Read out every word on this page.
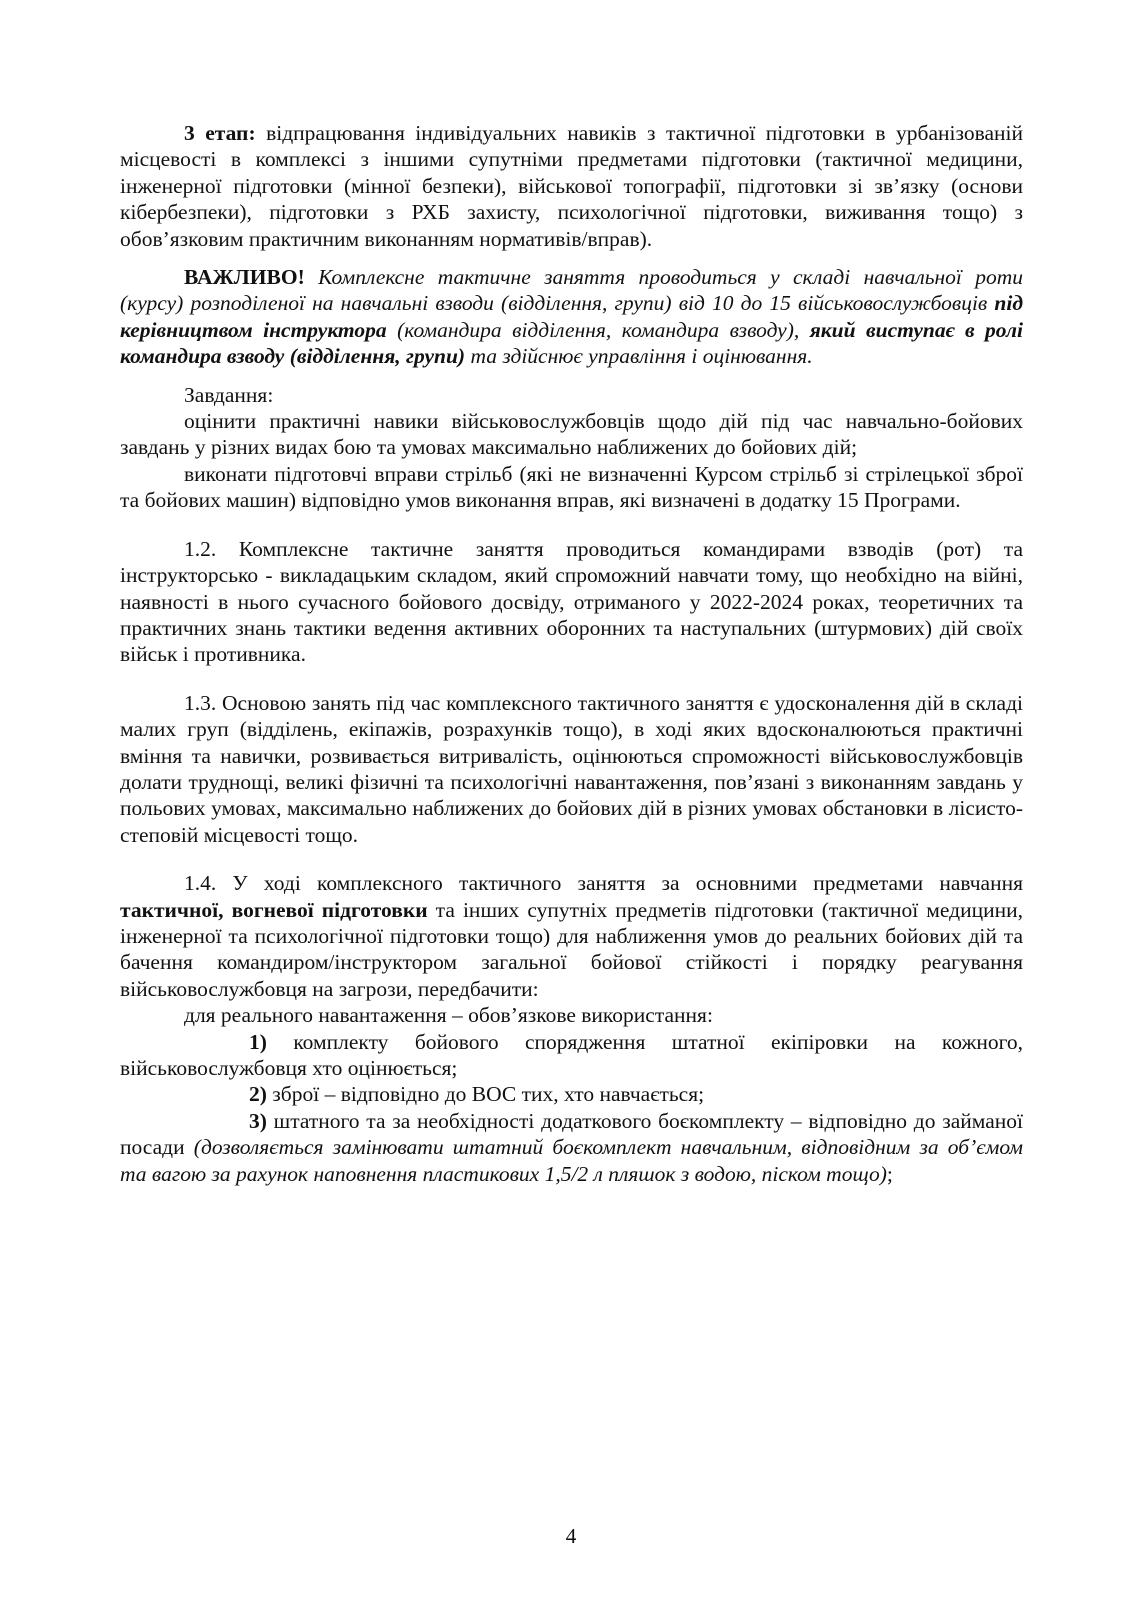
3 етап: відпрацювання індивідуальних навиків з тактичної підготовки в урбанізованій місцевості в комплексі з іншими супутніми предметами підготовки (тактичної медицини, інженерної підготовки (мінної безпеки), військової топографії, підготовки зі зв’язку (основи кібербезпеки), підготовки з РХБ захисту, психологічної підготовки, виживання тощо) з обов’язковим практичним виконанням нормативів/вправ).

ВАЖЛИВО! Комплексне тактичне заняття проводиться у складі навчальної роти (курсу) розподіленої на навчальні взводи (відділення, групи) від 10 до 15 військовослужбовців під керівництвом інструктора (командира відділення, командира взводу), який виступає в ролі командира взводу (відділення, групи) та здійснює управління і оцінювання.

Завдання:

оцінити практичні навики військовослужбовців щодо дій під час навчально-бойових завдань у різних видах бою та умовах максимально наближених до бойових дій;

виконати підготовчі вправи стрільб (які не визначенні Курсом стрільб зі стрілецької зброї та бойових машин) відповідно умов виконання вправ, які визначені в додатку 15 Програми.

1.2. Комплексне тактичне заняття проводиться командирами взводів (рот) та інструкторсько - викладацьким складом, який спроможний навчати тому, що необхідно на війні, наявності в нього сучасного бойового досвіду, отриманого у 2022-2024 роках, теоретичних та практичних знань тактики ведення активних оборонних та наступальних (штурмових) дій своїх військ і противника.

1.3. Основою занять під час комплексного тактичного заняття є удосконалення дій в складі малих груп (відділень, екіпажів, розрахунків тощо), в ході яких вдосконалюються практичні вміння та навички, розвивається витривалість, оцінюються спроможності військовослужбовців долати труднощі, великі фізичні та психологічні навантаження, пов’язані з виконанням завдань у польових умовах, максимально наближених до бойових дій в різних умовах обстановки в лісисто-степовій місцевості тощо.

1.4. У ході комплексного тактичного заняття за основними предметами навчання тактичної, вогневої підготовки та інших супутніх предметів підготовки (тактичної медицини, інженерної та психологічної підготовки тощо) для наближення умов до реальних бойових дій та бачення командиром/інструктором загальної бойової стійкості і порядку реагування військовослужбовця на загрози, передбачити:

для реального навантаження – обов’язкове використання:

1) комплекту бойового спорядження штатної екіпіровки на кожного, військовослужбовця хто оцінюється;

2) зброї – відповідно до ВОС тих, хто навчається;

3) штатного та за необхідності додаткового боєкомплекту – відповідно до займаної посади (дозволяється замінювати штатний боєкомплект навчальним, відповідним за об’ємом та вагою за рахунок наповнення пластикових 1,5/2 л пляшок з водою, піском тощо);

4
